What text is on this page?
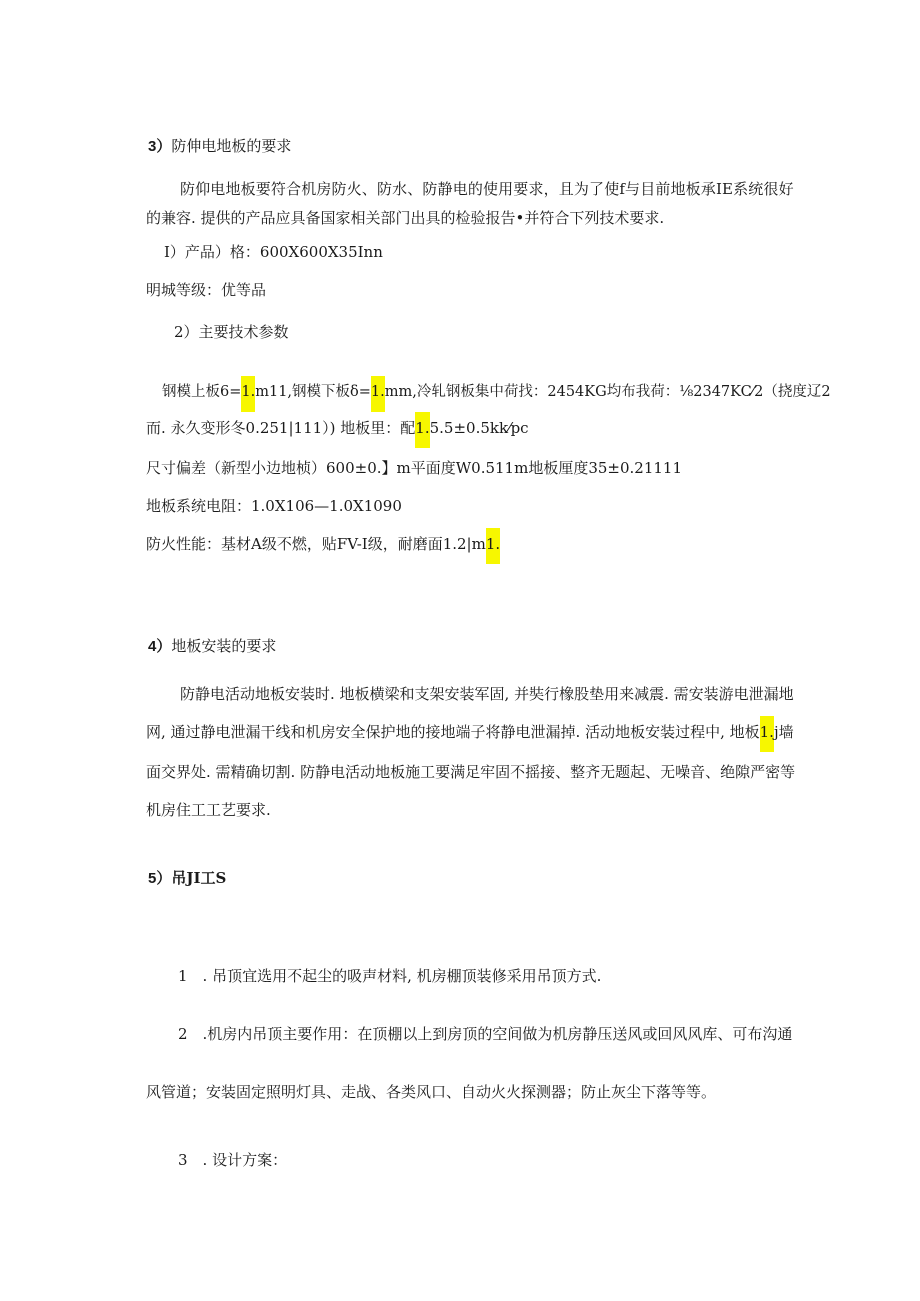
3）防伸电地板的要求
防仰电地板要符合机房防火、防水、防静电的使用要求，且为了使f与目前地板承IE系统很好
的兼容. 提供的产品应具备国家相关部门出具的检验报告•并符合下列技术要求.
I）产品）格：600X600X35Inn
明城等级：优等品
2）主要技术参数
钢模上板6=1.m11,钢模下板δ=1.mm,冷轧钢板集中荷找：2454KG均布我荷：⅛2347KC⁄2（挠度辽2
而. 永久变形冬0.251|111）) 地板里：配1.5.5±0.5kk⁄pc
尺寸偏差（新型小边地桢）600±0.】m平面度W0.511m地板厘度35±0.21111
地板系统电阻：1.0X106—1.0X1090
防火性能：基材A级不燃，贴FV-I级，耐磨面1.2|m1.
4）地板安装的要求
防静电活动地板安装时. 地板横梁和支架安装军固, 并奘行橡股垫用来减震. 需安装游电泄漏地
网, 通过静电泄漏干线和机房安全保护地的接地端子将静电泄漏掉. 活动地板安装过程中, 地板1.j墙
面交界处. 需精确切割. 防静电活动地板施工要满足牢固不摇接、整齐无题起、无噪音、绝隙严密等
机房住工工艺要求.
5）吊JI工S
1　. 吊顶宜选用不起尘的吸声材料, 机房棚顶装修采用吊顶方式.
2　.机房内吊顶主要作用：在顶棚以上到房顶的空间做为机房静压送风或回风风库、可布沟通
风管道；安装固定照明灯具、走战、各类风口、自动火火探测器；防止灰尘下落等等。
3　. 设计方案：
